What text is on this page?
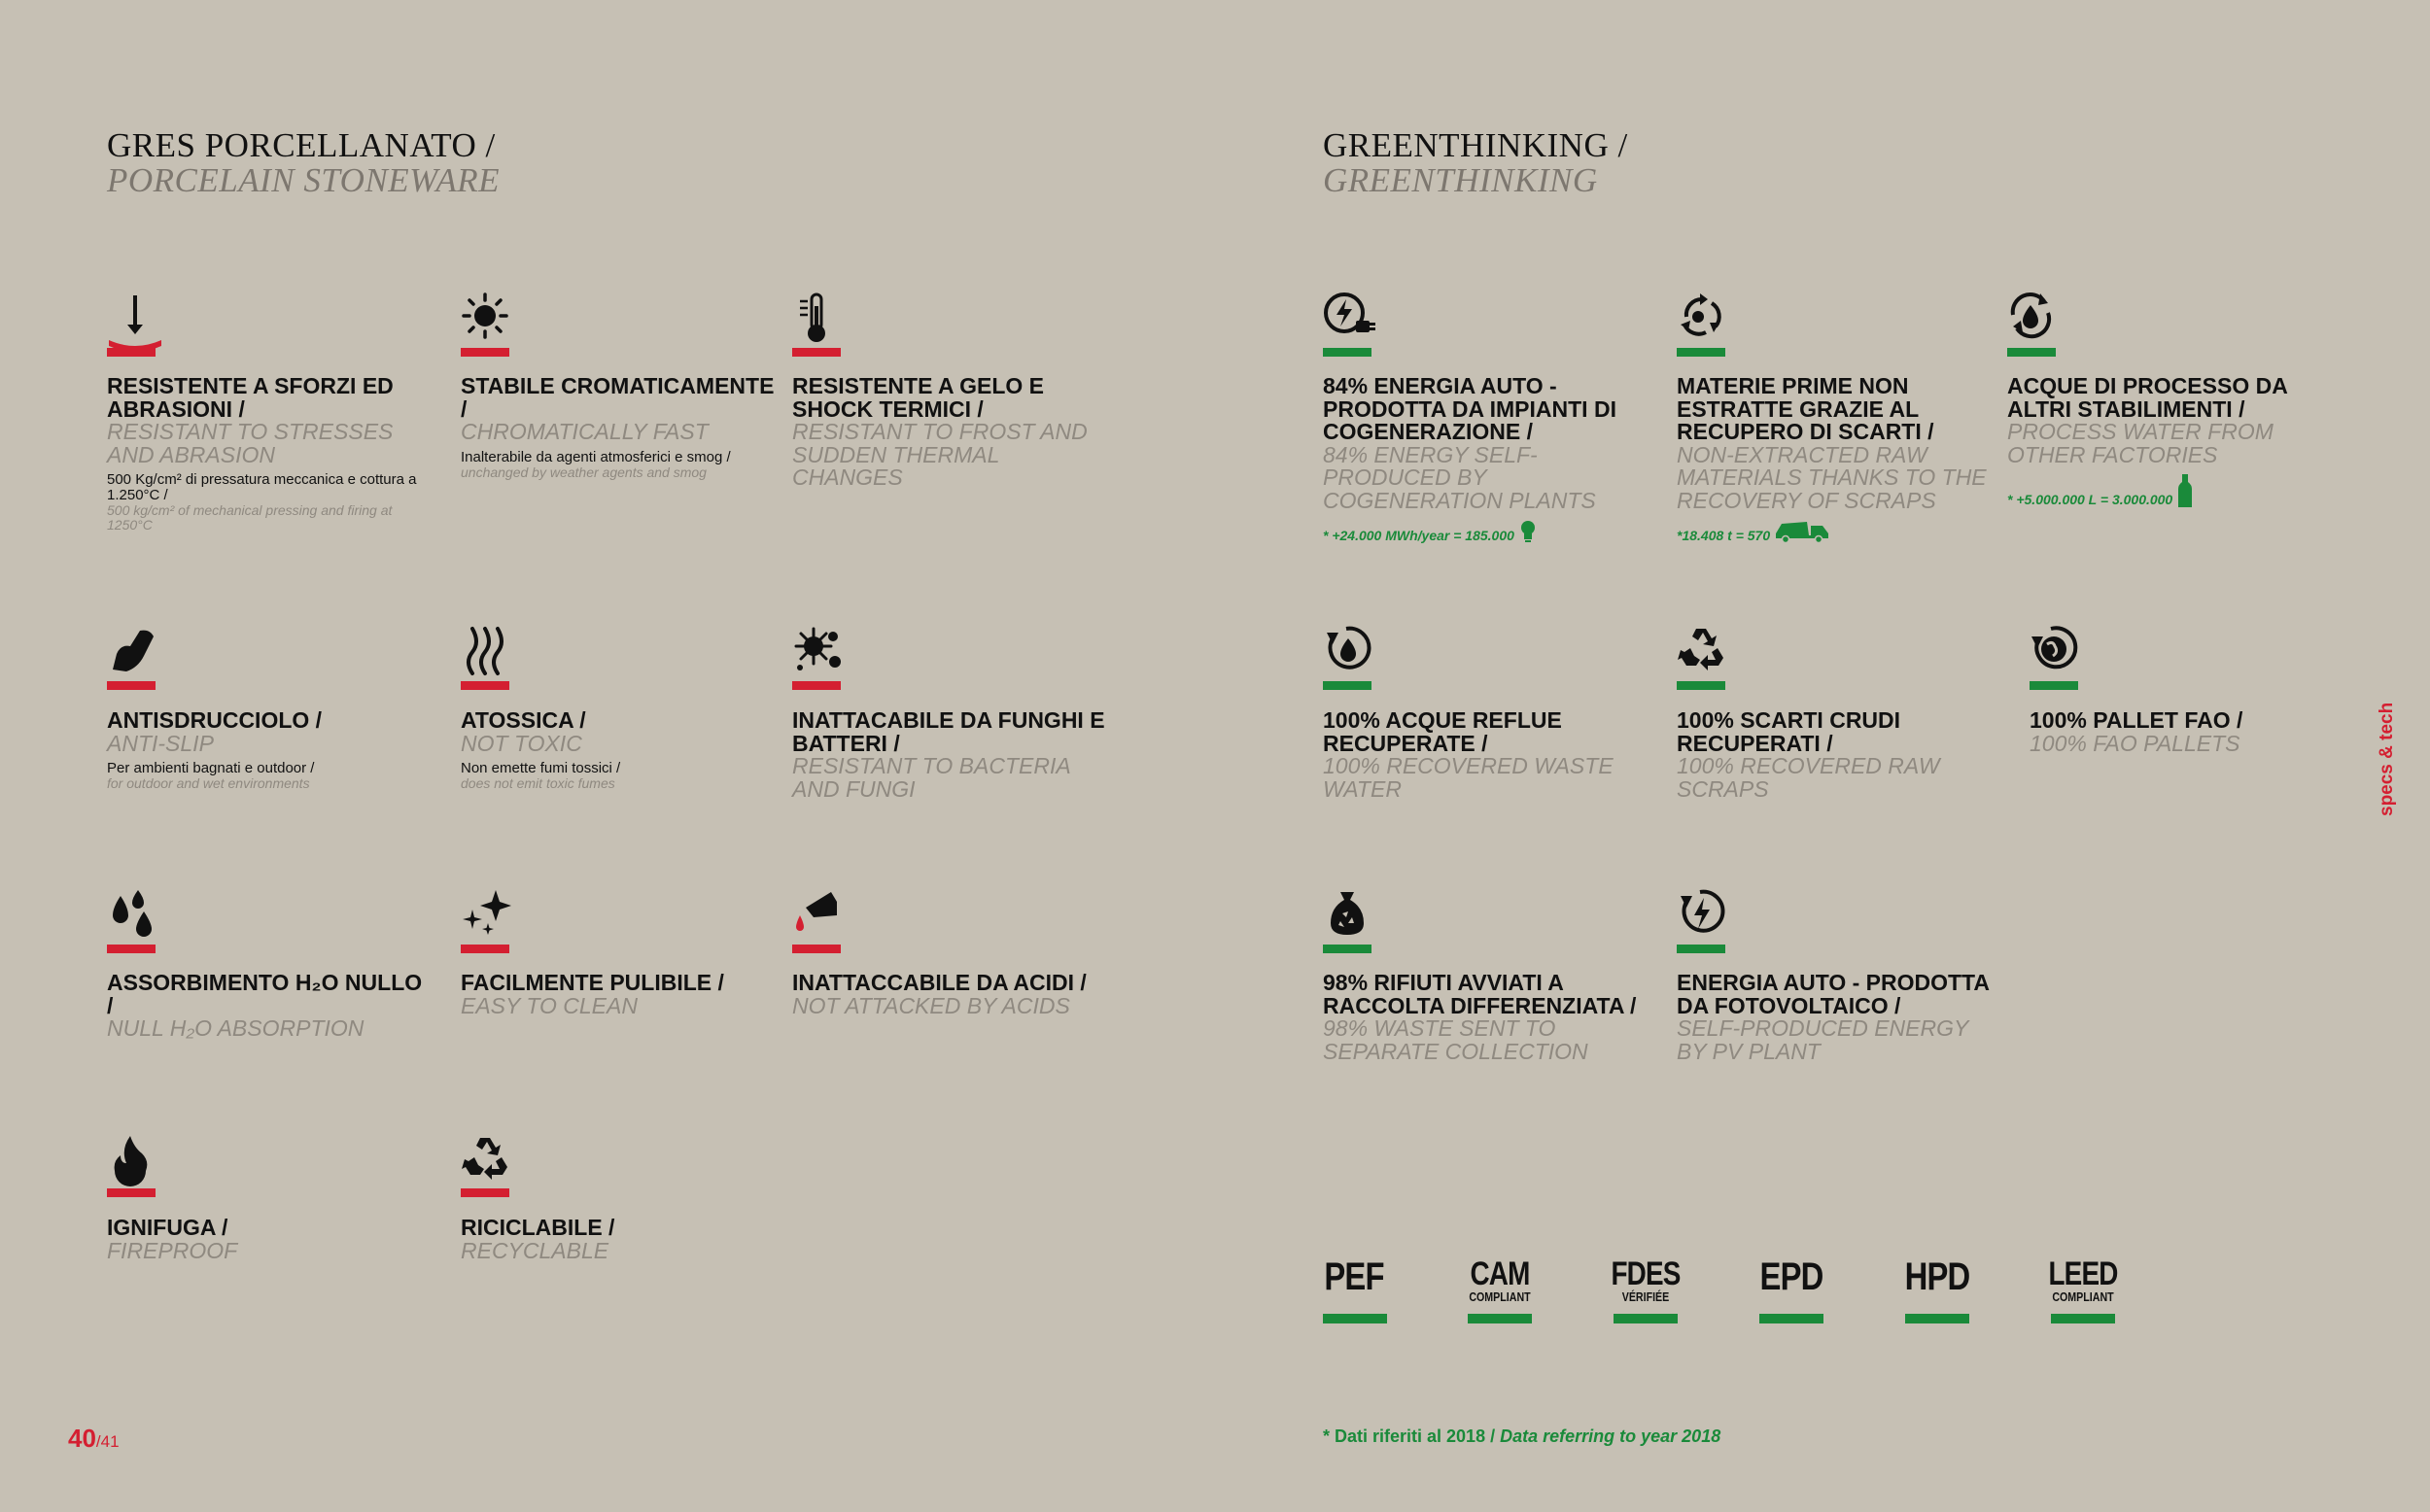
GRES PORCELLANATO /
PORCELAIN STONEWARE
GREENTHINKING /
GREENTHINKING
RESISTENTE A SFORZI ED ABRASIONI /
RESISTANT TO STRESSES AND ABRASION
500 Kg/cm² di pressatura meccanica e cottura a 1.250°C /
500 kg/cm² of mechanical pressing and firing at 1250°C
STABILE CROMATICAMENTE /
CHROMATICALLY FAST
Inalterabile da agenti atmosferici e smog /
unchanged by weather agents and smog
RESISTENTE A GELO E SHOCK TERMICI /
RESISTANT TO FROST AND SUDDEN THERMAL CHANGES
ANTISDRUCCIOLO /
ANTI-SLIP
Per ambienti bagnati e outdoor /
for outdoor and wet environments
ATOSSICA /
NOT TOXIC
Non emette fumi tossici /
does not emit toxic fumes
INATTACABILE DA FUNGHI E BATTERI /
RESISTANT TO BACTERIA AND FUNGI
ASSORBIMENTO H₂O NULLO /
NULL H₂O ABSORPTION
FACILMENTE PULIBILE /
EASY TO CLEAN
INATTACCABILE DA ACIDI /
NOT ATTACKED BY ACIDS
IGNIFUGA /
FIREPROOF
RICICLABILE /
RECYCLABLE
84% ENERGIA AUTO - PRODOTTA DA IMPIANTI DI COGENERAZIONE /
84% ENERGY SELF-PRODUCED BY COGENERATION PLANTS
* +24.000 MWh/year = 185.000
MATERIE PRIME NON ESTRATTE GRAZIE AL RECUPERO DI SCARTI /
NON-EXTRACTED RAW MATERIALS THANKS TO THE RECOVERY OF SCRAPS
*18.408 t = 570
ACQUE DI PROCESSO DA ALTRI STABILIMENTI /
PROCESS WATER FROM OTHER FACTORIES
* +5.000.000 L = 3.000.000
100% ACQUE REFLUE RECUPERATE /
100% RECOVERED WASTE WATER
100% SCARTI CRUDI RECUPERATI /
100% RECOVERED RAW SCRAPS
100% PALLET FAO /
100% FAO PALLETS
98% RIFIUTI AVVIATI A RACCOLTA DIFFERENZIATA /
98% WASTE SENT TO SEPARATE COLLECTION
ENERGIA AUTO - PRODOTTA DA FOTOVOLTAICO /
SELF-PRODUCED ENERGY BY PV PLANT
PEF	CAM
COMPLIANT
FDES
VÉRIFIÉE	EPD HPD LEED
COMPLIANT
* Dati riferiti al 2018 / Data referring to year 2018
40/41
specs & tech
